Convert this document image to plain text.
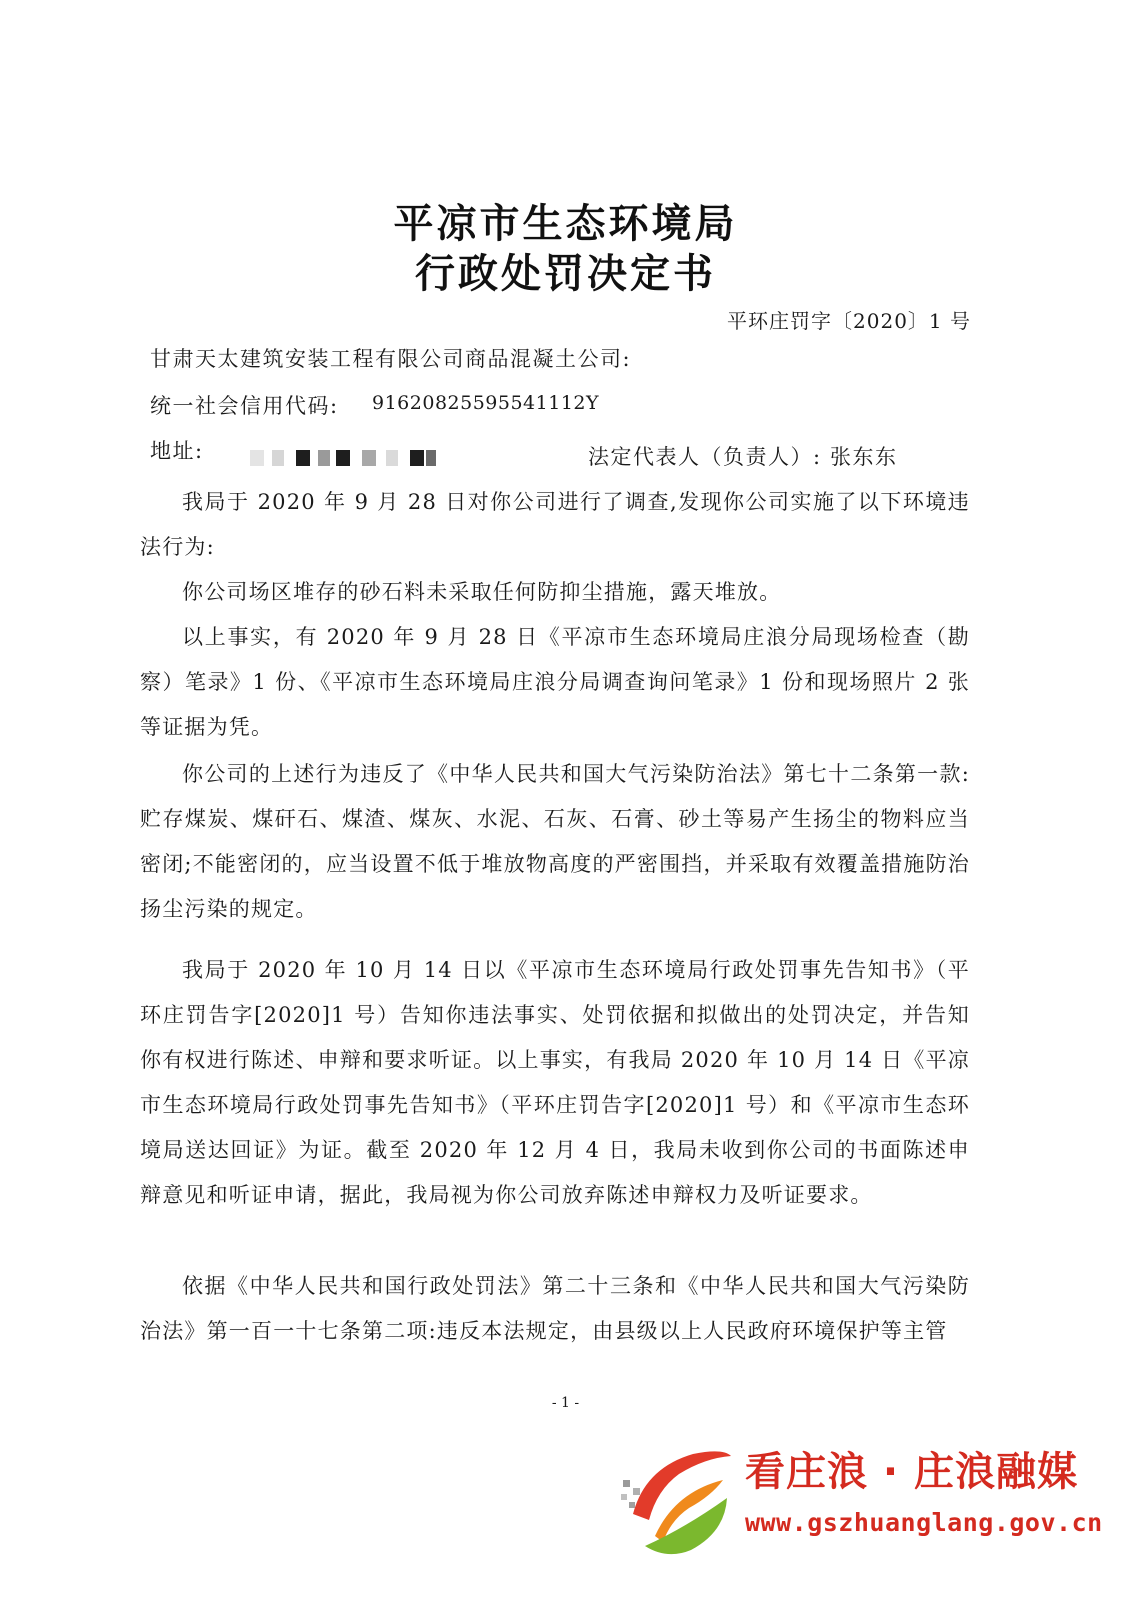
平凉市生态环境局
行政处罚决定书
平环庄罚字〔2020〕1 号
甘肃天太建筑安装工程有限公司商品混凝土公司:
统一社会信用代码: 91620825595541112Y
地址:	法定代表人（负责人）: 张东东

我局于 2020 年 9 月 28 日对你公司进行了调查,发现你公司实施了以下环境违法行为:

你公司场区堆存的砂石料未采取任何防抑尘措施，露天堆放。

以上事实，有 2020 年 9 月 28 日《平凉市生态环境局庄浪分局现场检查（勘察）笔录》1 份、《平凉市生态环境局庄浪分局调查询问笔录》1 份和现场照片 2 张等证据为凭。

你公司的上述行为违反了《中华人民共和国大气污染防治法》第七十二条第一款:贮存煤炭、煤矸石、煤渣、煤灰、水泥、石灰、石膏、砂土等易产生扬尘的物料应当密闭;不能密闭的，应当设置不低于堆放物高度的严密围挡，并采取有效覆盖措施防治扬尘污染的规定。

我局于 2020 年 10 月 14 日以《平凉市生态环境局行政处罚事先告知书》（平环庄罚告字[2020]1 号）告知你违法事实、处罚依据和拟做出的处罚决定，并告知你有权进行陈述、申辩和要求听证。以上事实，有我局 2020 年 10 月 14 日《平凉市生态环境局行政处罚事先告知书》（平环庄罚告字[2020]1 号）和《平凉市生态环境局送达回证》为证。截至 2020 年 12 月 4 日，我局未收到你公司的书面陈述申辩意见和听证申请，据此，我局视为你公司放弃陈述申辩权力及听证要求。

依据《中华人民共和国行政处罚法》第二十三条和《中华人民共和国大气污染防治法》第一百一十七条第二项:违反本法规定，由县级以上人民政府环境保护等主管

- 1 -
看庄浪 · 庄浪融媒
www.gszhuanglang.gov.cn
